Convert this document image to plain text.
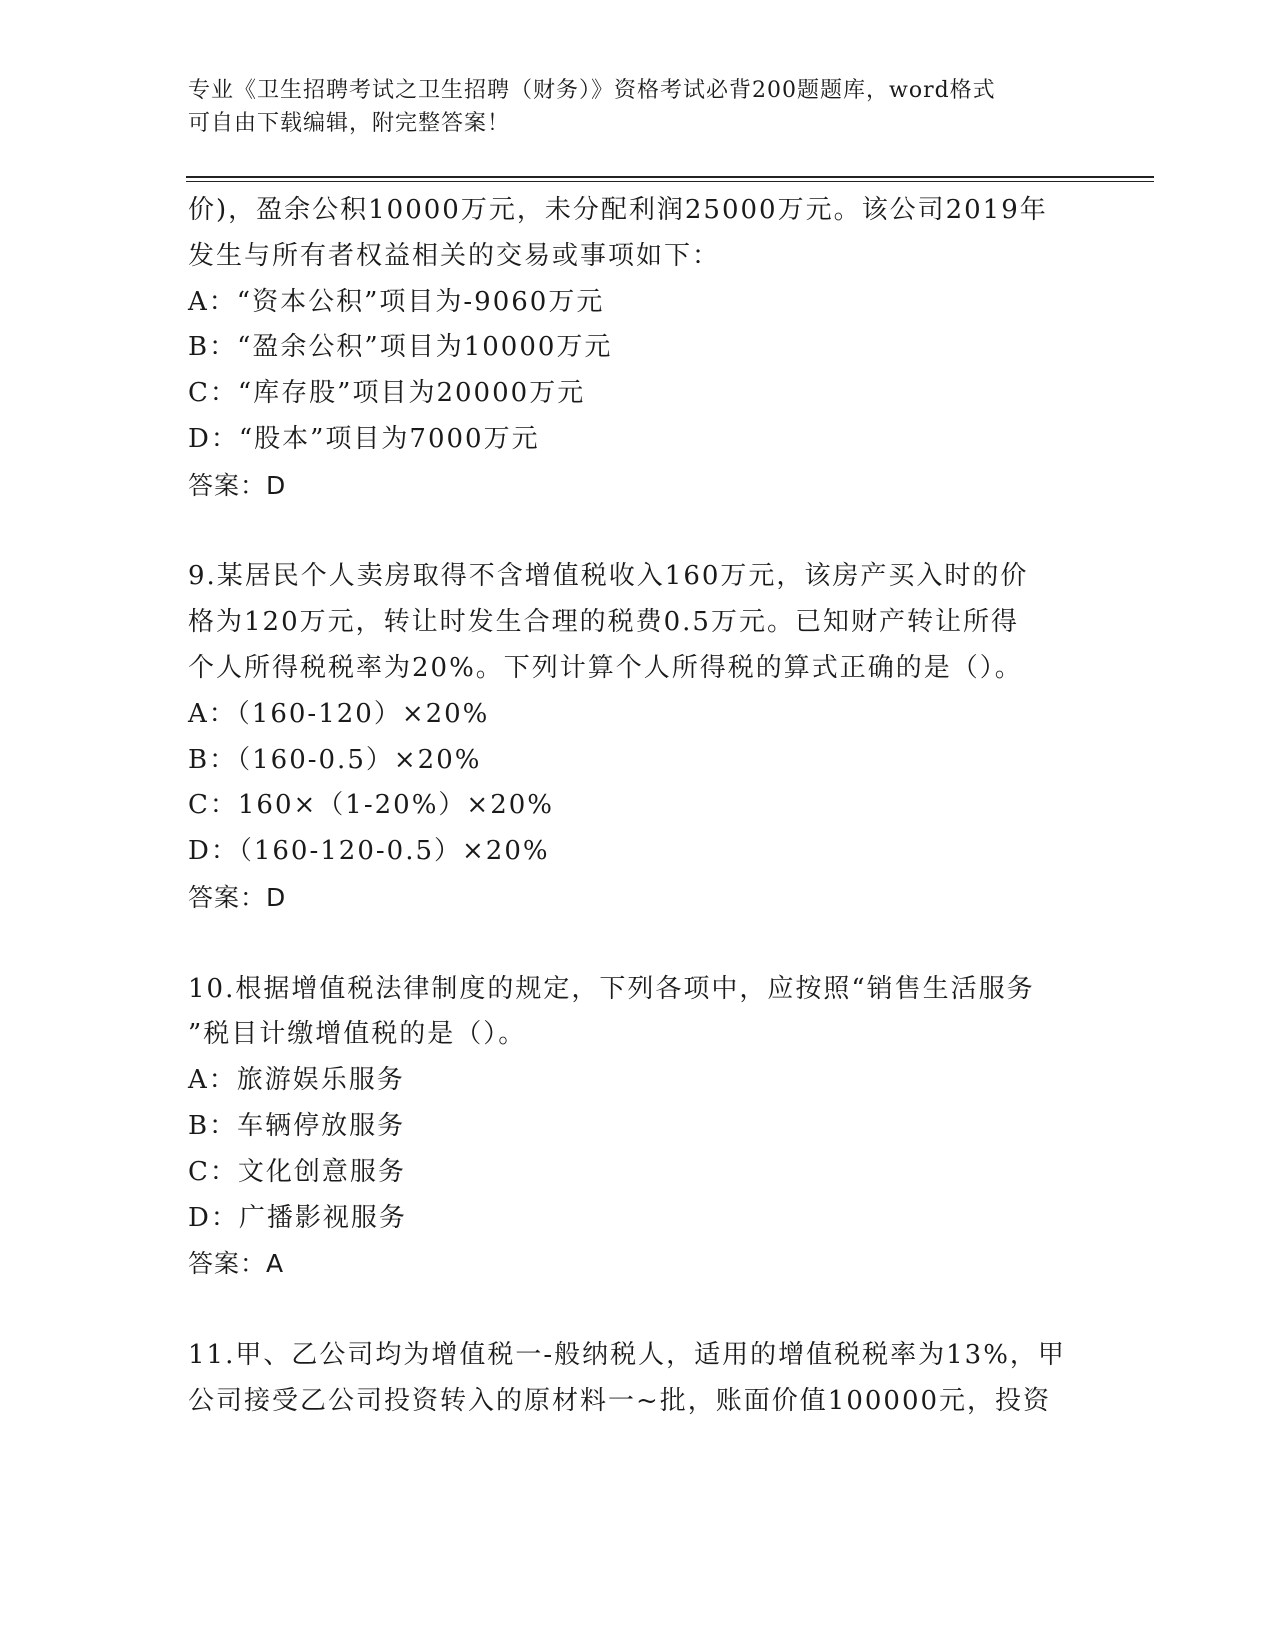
专业《卫生招聘考试之卫生招聘（财务）》资格考试必背200题题库，word格式
可自由下载编辑，附完整答案！
价)，盈余公积10000万元，未分配利润25000万元。该公司2019年
发生与所有者权益相关的交易或事项如下：
A：“资本公积”项目为-9060万元
B：“盈余公积”项目为10000万元
C：“库存股”项目为20000万元
D：“股本”项目为7000万元
答案：D
9.某居民个人卖房取得不含增值税收入160万元，该房产买入时的价
格为120万元，转让时发生合理的税费0.5万元。已知财产转让所得
个人所得税税率为20%。下列计算个人所得税的算式正确的是（）。
A：（160-120）×20%
B：（160-0.5）×20%
C：160×（1-20%）×20%
D：（160-120-0.5）×20%
答案：D
10.根据增值税法律制度的规定，下列各项中，应按照“销售生活服务
”税目计缴增值税的是（）。
A：旅游娱乐服务
B：车辆停放服务
C：文化创意服务
D：广播影视服务
答案：A
11.甲、乙公司均为增值税一-般纳税人，适用的增值税税率为13%，甲
公司接受乙公司投资转入的原材料一~批，账面价值100000元，投资
